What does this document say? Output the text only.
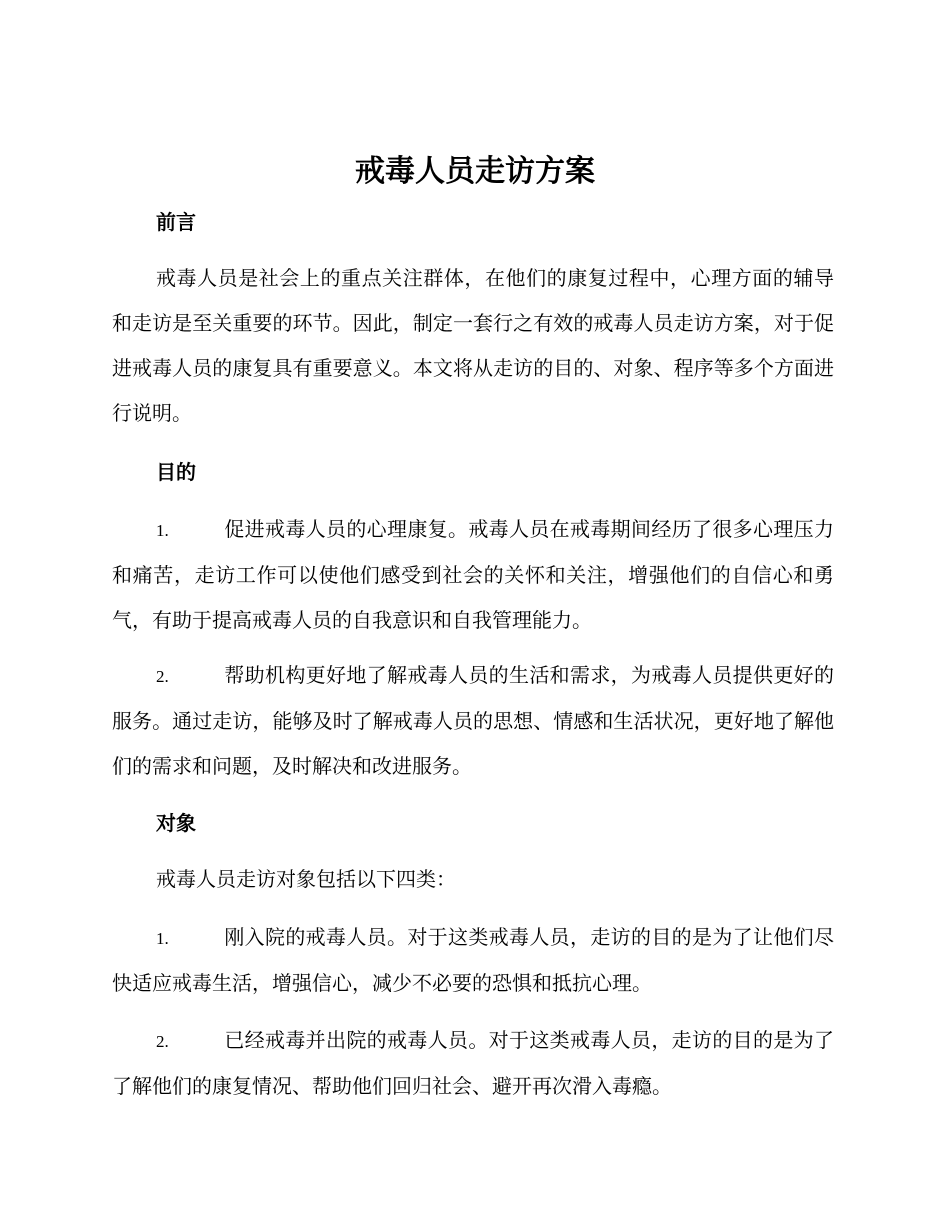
戒毒人员走访方案
前言

戒毒人员是社会上的重点关注群体，在他们的康复过程中，心理方面的辅导和走访是至关重要的环节。因此，制定一套行之有效的戒毒人员走访方案，对于促进戒毒人员的康复具有重要意义。本文将从走访的目的、对象、程序等多个方面进行说明。

目的
1.	促进戒毒人员的心理康复。戒毒人员在戒毒期间经历了很多心理压力和痛苦，走访工作可以使他们感受到社会的关怀和关注，增强他们的自信心和勇气，有助于提高戒毒人员的自我意识和自我管理能力。
2.	帮助机构更好地了解戒毒人员的生活和需求，为戒毒人员提供更好的服务。通过走访，能够及时了解戒毒人员的思想、情感和生活状况，更好地了解他们的需求和问题，及时解决和改进服务。
对象

戒毒人员走访对象包括以下四类：

1.	刚入院的戒毒人员。对于这类戒毒人员，走访的目的是为了让他们尽快适应戒毒生活，增强信心，减少不必要的恐惧和抵抗心理。
2.	已经戒毒并出院的戒毒人员。对于这类戒毒人员，走访的目的是为了了解他们的康复情况、帮助他们回归社会、避开再次滑入毒瘾。
